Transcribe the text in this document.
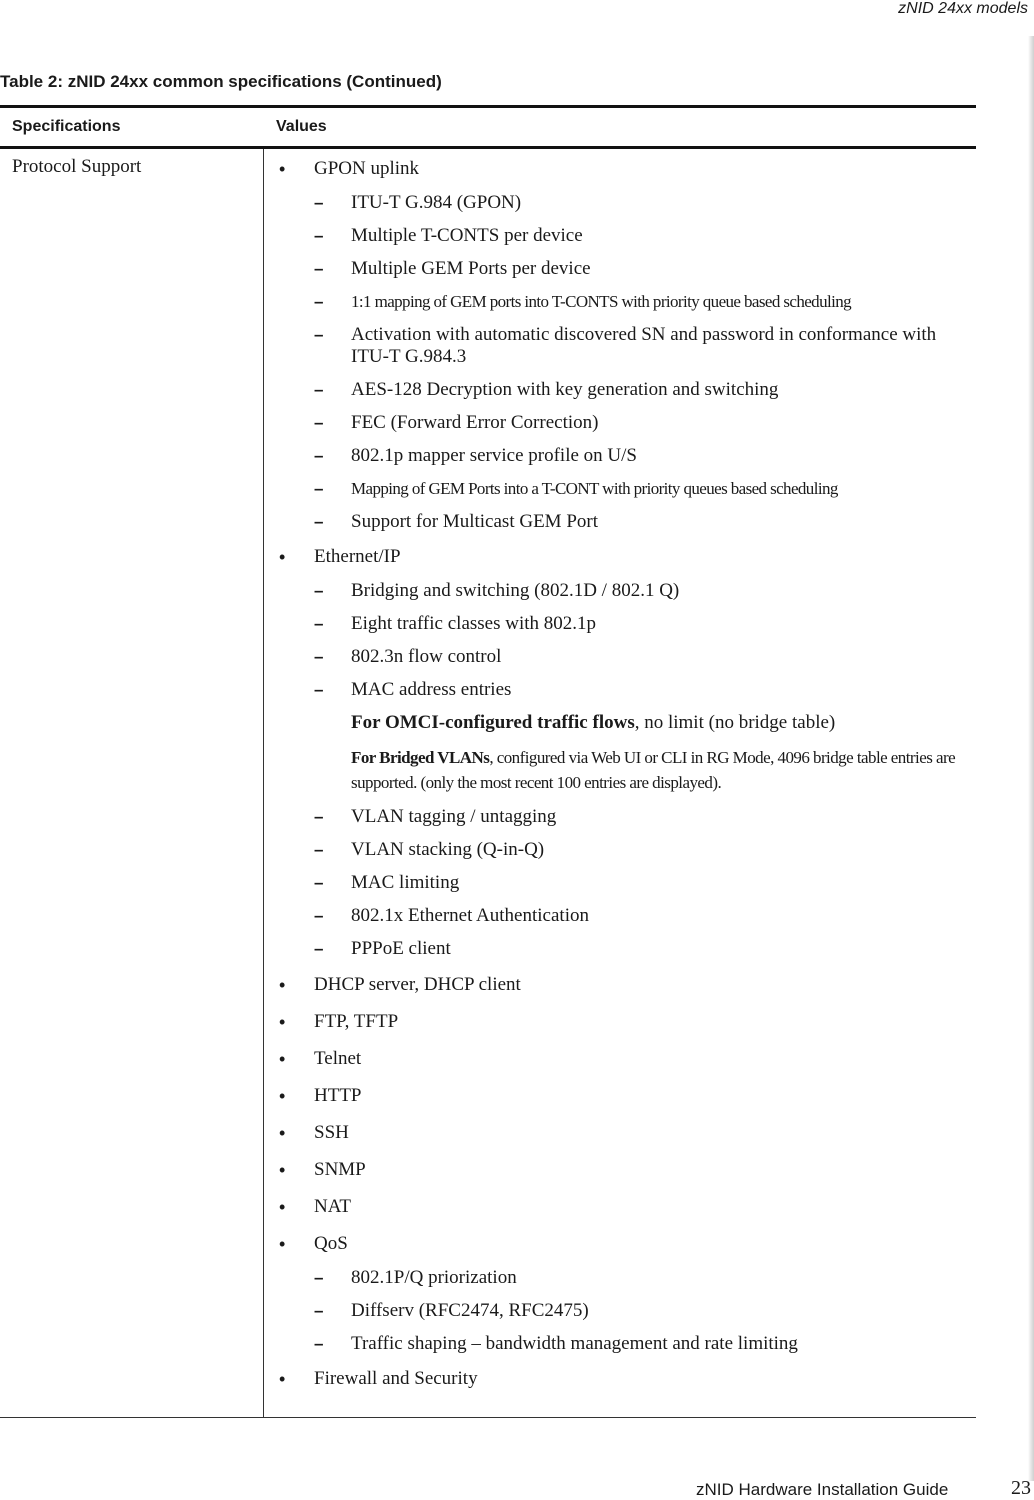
zNID 24xx models
Table 2: zNID 24xx common specifications (Continued)
Specifications	Values
Protocol Support
•	GPON uplink
– ITU-T G.984 (GPON)
– Multiple T-CONTS per device
– Multiple GEM Ports per device
– 1:1 mapping of GEM ports into T-CONTS with priority queue based scheduling
– Activation with automatic discovered SN and password in conformance with ITU-T G.984.3
– AES-128 Decryption with key generation and switching
– FEC (Forward Error Correction)
– 802.1p mapper service profile on U/S
– Mapping of GEM Ports into a T-CONT with priority queues based scheduling
– Support for Multicast GEM Port
• Ethernet/IP
– Bridging and switching (802.1D / 802.1 Q)
– Eight traffic classes with 802.1p
– 802.3n flow control
– MAC address entries
For OMCI-configured traffic flows, no limit (no bridge table)
For Bridged VLANs, configured via Web UI or CLI in RG Mode, 4096 bridge table entries are supported. (only the most recent 100 entries are displayed).
– VLAN tagging / untagging
– VLAN stacking (Q-in-Q)
– MAC limiting
– 802.1x Ethernet Authentication
– PPPoE client
• DHCP server, DHCP client
• FTP, TFTP
• Telnet
• HTTP
• SSH
• SNMP
• NAT
• QoS
– 802.1P/Q priorization
– Diffserv (RFC2474, RFC2475)
– Traffic shaping – bandwidth management and rate limiting
• Firewall and Security
zNID Hardware Installation Guide	23
